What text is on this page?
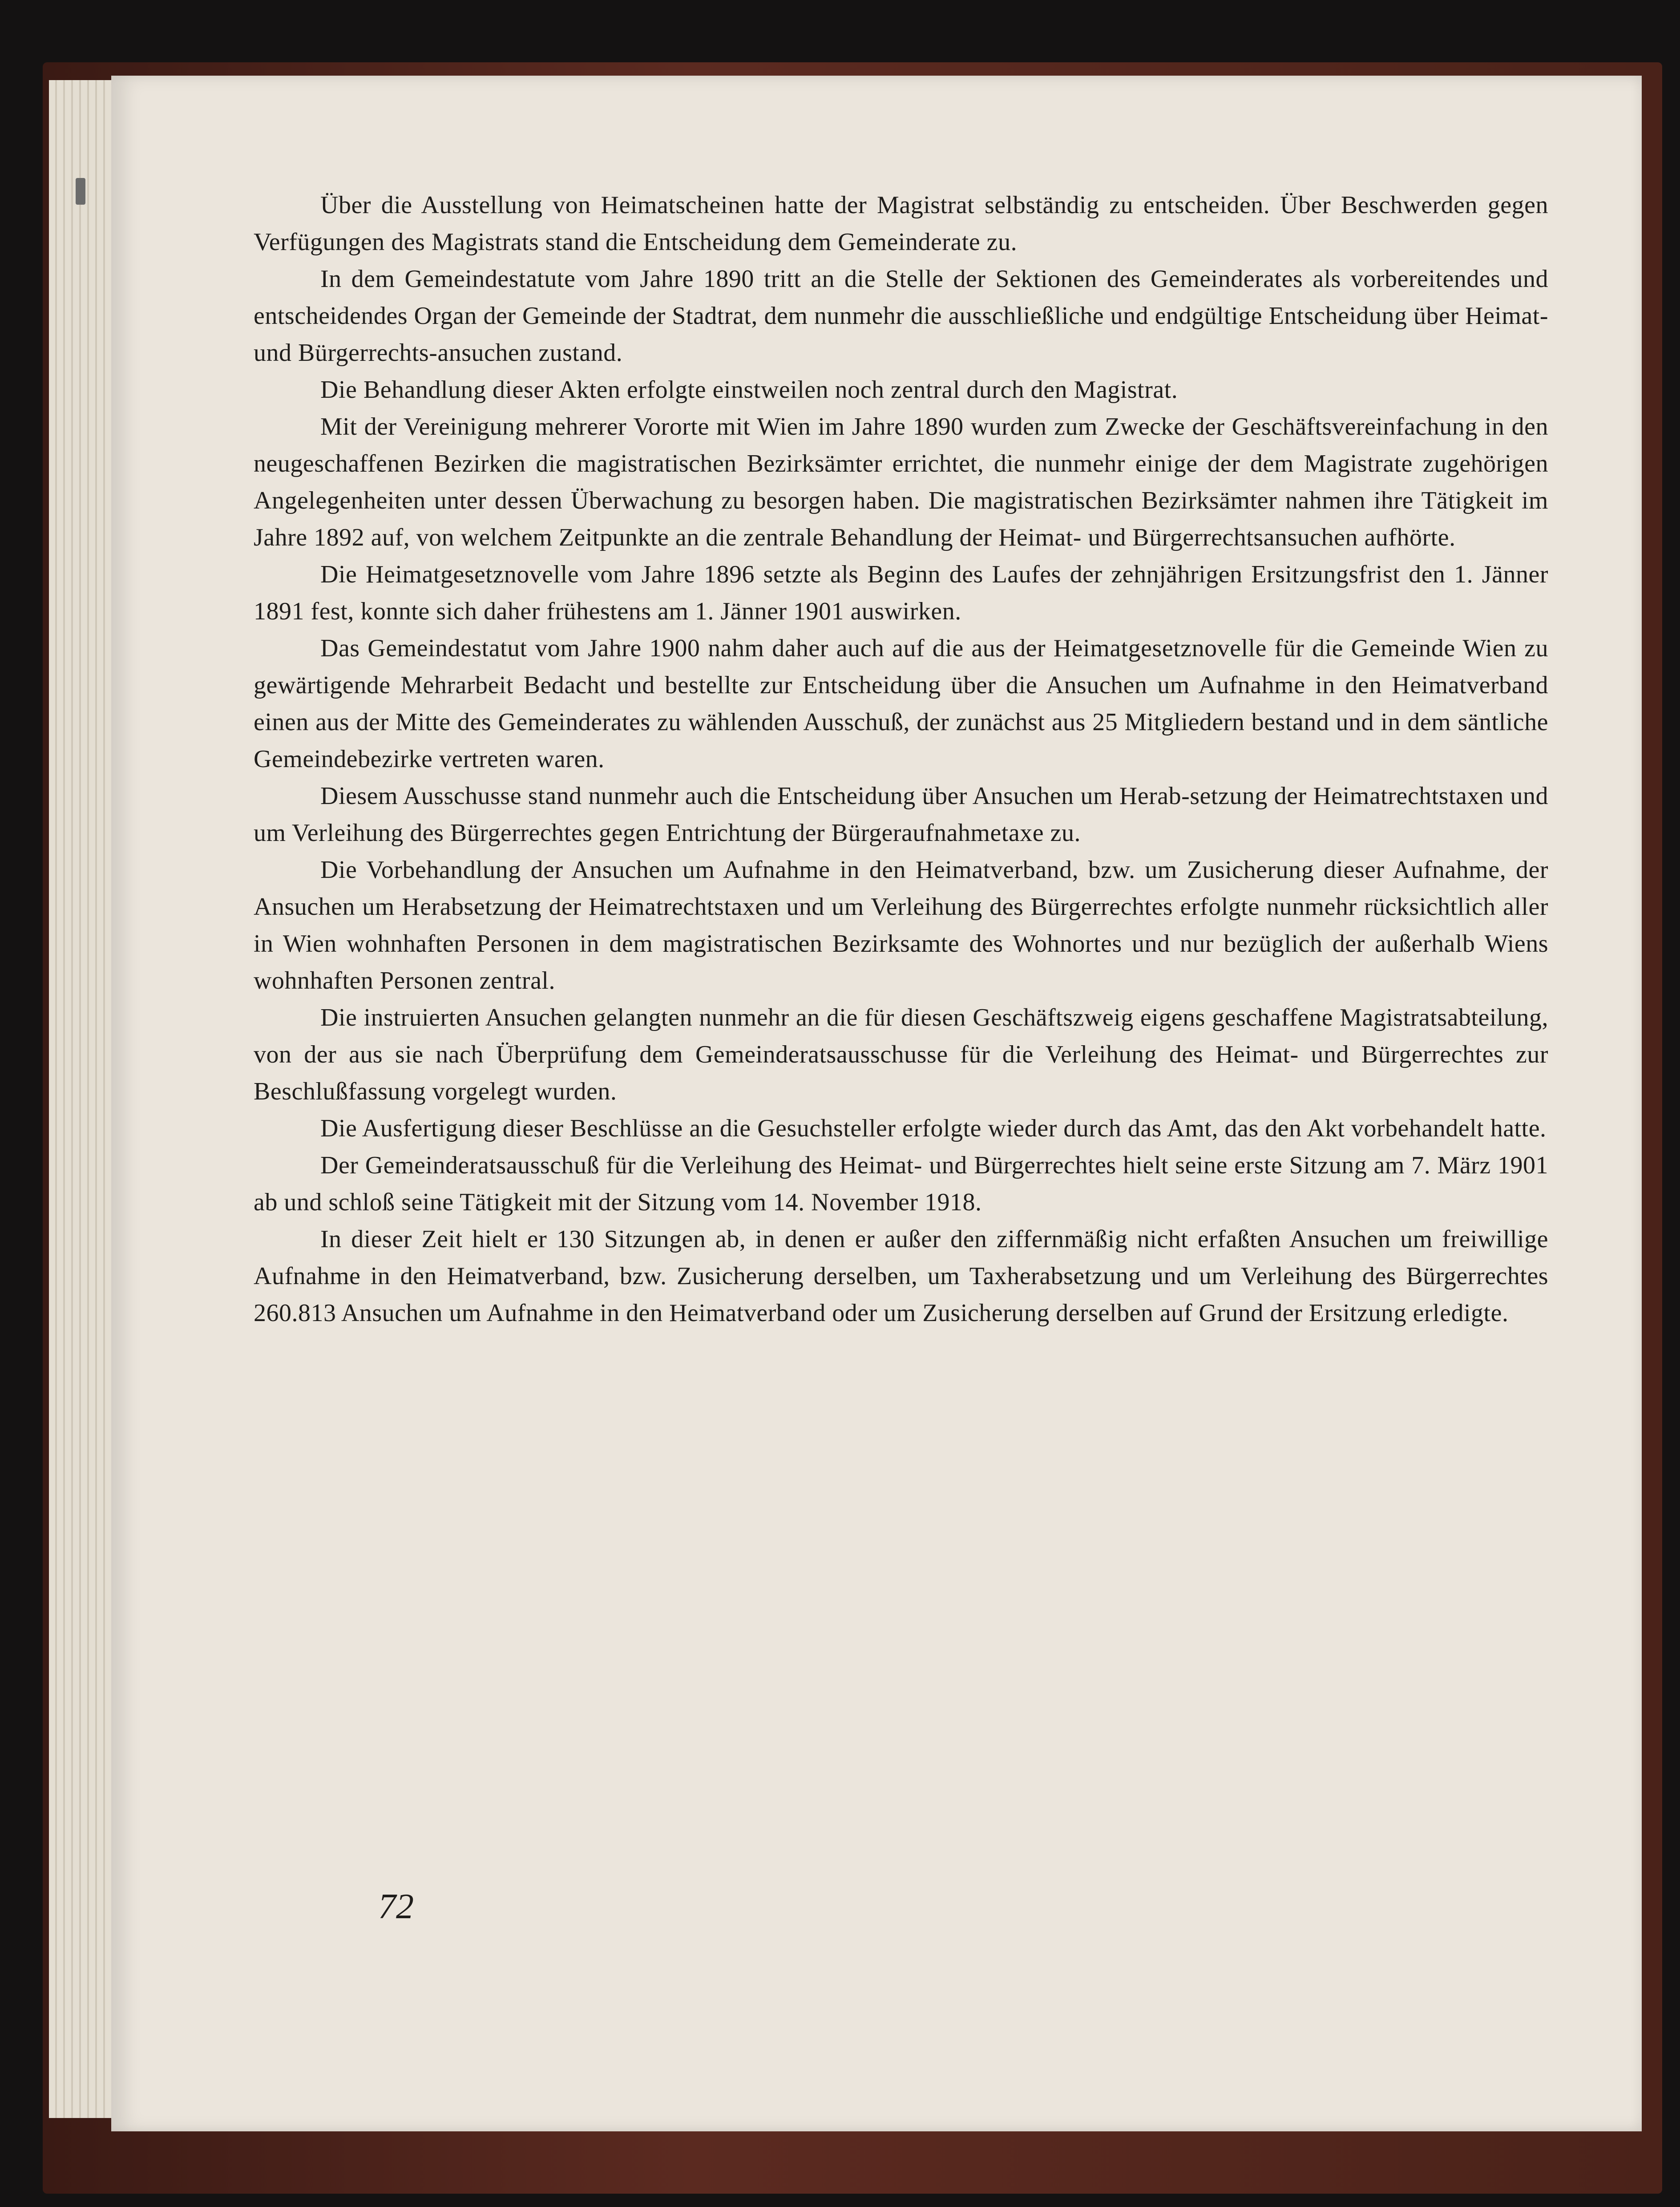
Über die Ausstellung von Heimatscheinen hatte der Magistrat selbständig zu entscheiden. Über Beschwerden gegen Verfügungen des Magistrats stand die Entscheidung dem Gemeinderate zu.

In dem Gemeindestatute vom Jahre 1890 tritt an die Stelle der Sektionen des Gemeinderates als vorbereitendes und entscheidendes Organ der Gemeinde der Stadtrat, dem nunmehr die ausschließliche und endgültige Entscheidung über Heimat- und Bürgerrechts-ansuchen zustand.

Die Behandlung dieser Akten erfolgte einstweilen noch zentral durch den Magistrat.

Mit der Vereinigung mehrerer Vororte mit Wien im Jahre 1890 wurden zum Zwecke der Geschäftsvereinfachung in den neugeschaffenen Bezirken die magistratischen Bezirksämter errichtet, die nunmehr einige der dem Magistrate zugehörigen Angelegenheiten unter dessen Überwachung zu besorgen haben. Die magistratischen Bezirksämter nahmen ihre Tätigkeit im Jahre 1892 auf, von welchem Zeitpunkte an die zentrale Behandlung der Heimat- und Bürgerrechtsansuchen aufhörte.

Die Heimatgesetznovelle vom Jahre 1896 setzte als Beginn des Laufes der zehnjährigen Ersitzungsfrist den 1. Jänner 1891 fest, konnte sich daher frühestens am 1. Jänner 1901 auswirken.

Das Gemeindestatut vom Jahre 1900 nahm daher auch auf die aus der Heimatgesetznovelle für die Gemeinde Wien zu gewärtigende Mehrarbeit Bedacht und bestellte zur Entscheidung über die Ansuchen um Aufnahme in den Heimatverband einen aus der Mitte des Gemeinderates zu wählenden Ausschuß, der zunächst aus 25 Mitgliedern bestand und in dem säntliche Gemeindebezirke vertreten waren.

Diesem Ausschusse stand nunmehr auch die Entscheidung über Ansuchen um Herab-setzung der Heimatrechtstaxen und um Verleihung des Bürgerrechtes gegen Entrichtung der Bürgeraufnahmetaxe zu.

Die Vorbehandlung der Ansuchen um Aufnahme in den Heimatverband, bzw. um Zusicherung dieser Aufnahme, der Ansuchen um Herabsetzung der Heimatrechtstaxen und um Verleihung des Bürgerrechtes erfolgte nunmehr rücksichtlich aller in Wien wohnhaften Personen in dem magistratischen Bezirksamte des Wohnortes und nur bezüglich der außerhalb Wiens wohnhaften Personen zentral.

Die instruierten Ansuchen gelangten nunmehr an die für diesen Geschäftszweig eigens geschaffene Magistratsabteilung, von der aus sie nach Überprüfung dem Gemeinderatsausschusse für die Verleihung des Heimat- und Bürgerrechtes zur Beschlußfassung vorgelegt wurden.

Die Ausfertigung dieser Beschlüsse an die Gesuchsteller erfolgte wieder durch das Amt, das den Akt vorbehandelt hatte.

Der Gemeinderatsausschuß für die Verleihung des Heimat- und Bürgerrechtes hielt seine erste Sitzung am 7. März 1901 ab und schloß seine Tätigkeit mit der Sitzung vom 14. November 1918.

In dieser Zeit hielt er 130 Sitzungen ab, in denen er außer den ziffernmäßig nicht erfaßten Ansuchen um freiwillige Aufnahme in den Heimatverband, bzw. Zusicherung derselben, um Taxherabsetzung und um Verleihung des Bürgerrechtes 260.813 Ansuchen um Aufnahme in den Heimatverband oder um Zusicherung derselben auf Grund der Ersitzung erledigte.

72
